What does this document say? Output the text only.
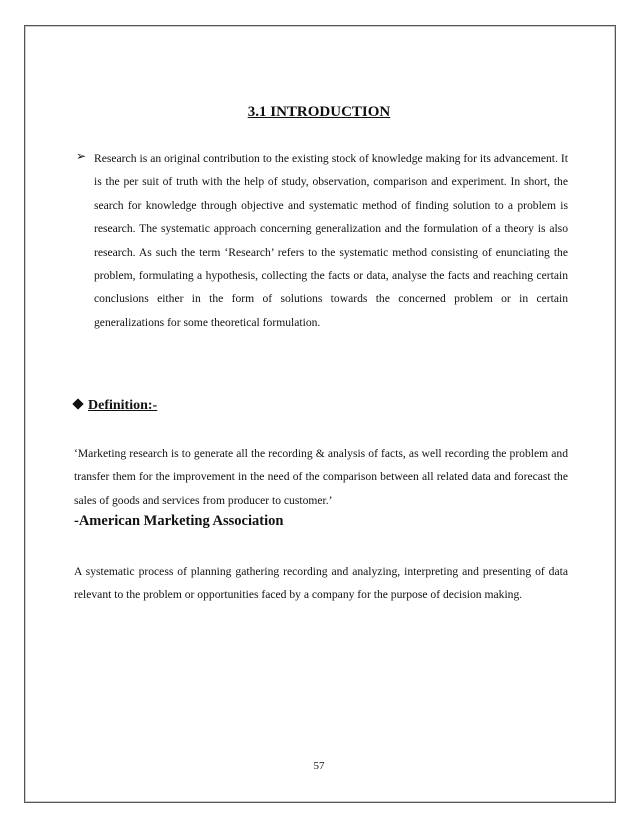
3.1 INTRODUCTION
➢ Research is an original contribution to the existing stock of knowledge making for its advancement. It is the per suit of truth with the help of study, observation, comparison and experiment. In short, the search for knowledge through objective and systematic method of finding solution to a problem is research. The systematic approach concerning generalization and the formulation of a theory is also research. As such the term ‘Research’ refers to the systematic method consisting of enunciating the problem, formulating a hypothesis, collecting the facts or data, analyse the facts and reaching certain conclusions either in the form of solutions towards the concerned problem or in certain generalizations for some theoretical formulation.
Definition:-
‘Marketing research is to generate all the recording & analysis of facts, as well recording the problem and transfer them for the improvement in the need of the comparison between all related data and forecast the sales of goods and services from producer to customer.’
-American Marketing Association
A systematic process of planning gathering recording and analyzing, interpreting and presenting of data relevant to the problem or opportunities faced by a company for the purpose of decision making.
57
